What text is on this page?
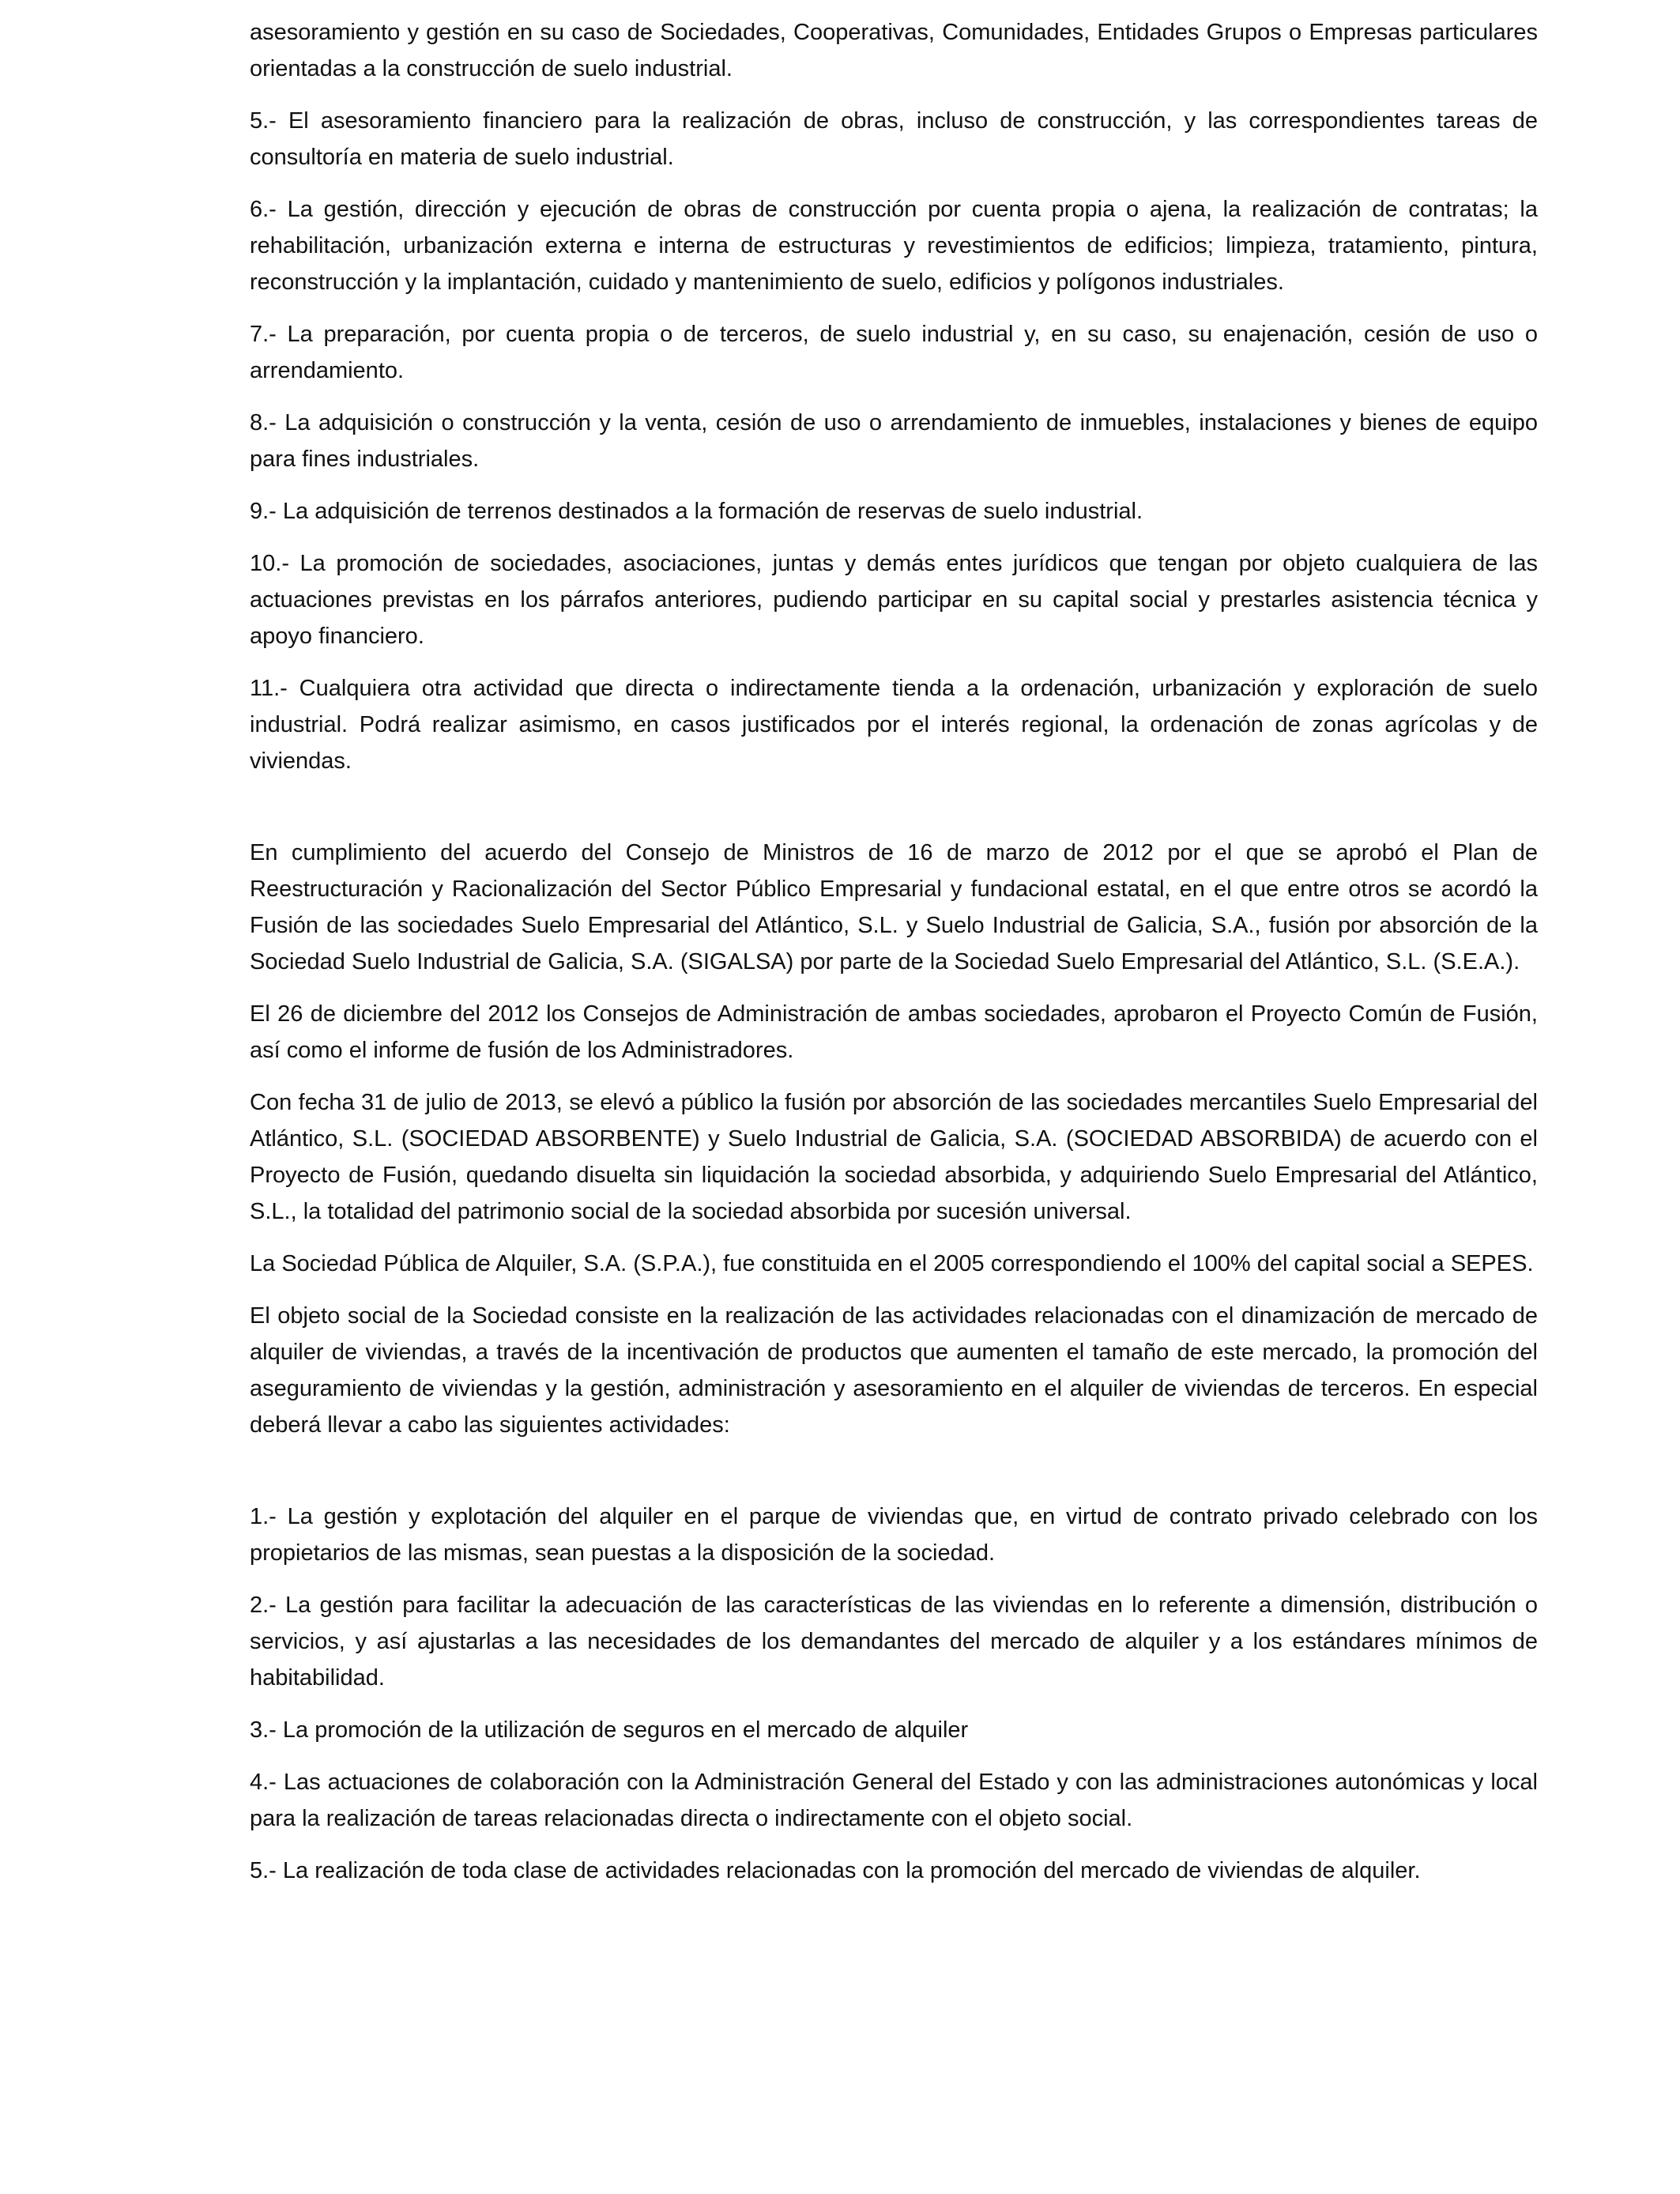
asesoramiento y gestión en su caso de Sociedades, Cooperativas, Comunidades, Entidades Grupos o Empresas particulares orientadas a la construcción de suelo industrial.

5.- El asesoramiento financiero para la realización de obras, incluso de construcción, y las correspondientes tareas de consultoría en materia de suelo industrial.

6.- La gestión, dirección y ejecución de obras de construcción por cuenta propia o ajena, la realización de contratas; la rehabilitación, urbanización externa e interna de estructuras y revestimientos de edificios; limpieza, tratamiento, pintura, reconstrucción y la implantación, cuidado y mantenimiento de suelo, edificios y polígonos industriales.

7.- La preparación, por cuenta propia o de terceros, de suelo industrial y, en su caso, su enajenación, cesión de uso o arrendamiento.

8.- La adquisición o construcción y la venta, cesión de uso o arrendamiento de inmuebles, instalaciones y bienes de equipo para fines industriales.

9.- La adquisición de terrenos destinados a la formación de reservas de suelo industrial.

10.- La promoción de sociedades, asociaciones, juntas y demás entes jurídicos que tengan por objeto cualquiera de las actuaciones previstas en los párrafos anteriores, pudiendo participar en su capital social y prestarles asistencia técnica y apoyo financiero.

11.- Cualquiera otra actividad que directa o indirectamente tienda a la ordenación, urbanización y exploración de suelo industrial. Podrá realizar asimismo, en casos justificados por el interés regional, la ordenación de zonas agrícolas y de viviendas.

En cumplimiento del acuerdo del Consejo de Ministros de 16 de marzo de 2012 por el que se aprobó el Plan de Reestructuración y Racionalización del Sector Público Empresarial y fundacional estatal, en el que entre otros se acordó la Fusión de las sociedades Suelo Empresarial del Atlántico, S.L. y Suelo Industrial de Galicia, S.A., fusión por absorción de la Sociedad Suelo Industrial de Galicia, S.A. (SIGALSA) por parte de la Sociedad Suelo Empresarial del Atlántico, S.L. (S.E.A.).

El 26 de diciembre del 2012 los Consejos de Administración de ambas sociedades, aprobaron el Proyecto Común de Fusión, así como el informe de fusión de los Administradores.

Con fecha 31 de julio de 2013, se elevó a público la fusión por absorción de las sociedades mercantiles Suelo Empresarial del Atlántico, S.L. (SOCIEDAD ABSORBENTE) y Suelo Industrial de Galicia, S.A. (SOCIEDAD ABSORBIDA) de acuerdo con el Proyecto de Fusión, quedando disuelta sin liquidación la sociedad absorbida, y adquiriendo Suelo Empresarial del Atlántico, S.L., la totalidad del patrimonio social de la sociedad absorbida por sucesión universal.

La Sociedad Pública de Alquiler, S.A. (S.P.A.), fue constituida en el 2005 correspondiendo el 100% del capital social a SEPES.

El objeto social de la Sociedad consiste en la realización de las actividades relacionadas con el dinamización de mercado de alquiler de viviendas, a través de la incentivación de productos que aumenten el tamaño de este mercado, la promoción del aseguramiento de viviendas y la gestión, administración y asesoramiento en el alquiler de viviendas de terceros. En especial deberá llevar a cabo las siguientes actividades:

1.- La gestión y explotación del alquiler en el parque de viviendas que, en virtud de contrato privado celebrado con los propietarios de las mismas, sean puestas a la disposición de la sociedad.

2.- La gestión para facilitar la adecuación de las características de las viviendas en lo referente a dimensión, distribución o servicios, y así ajustarlas a las necesidades de los demandantes del mercado de alquiler y a los estándares mínimos de habitabilidad.

3.- La promoción de la utilización de seguros en el mercado de alquiler

4.- Las actuaciones de colaboración con la Administración General del Estado y con las administraciones autonómicas y local para la realización de tareas relacionadas directa o indirectamente con el objeto social.

5.- La realización de toda clase de actividades relacionadas con la promoción del mercado de viviendas de alquiler.
